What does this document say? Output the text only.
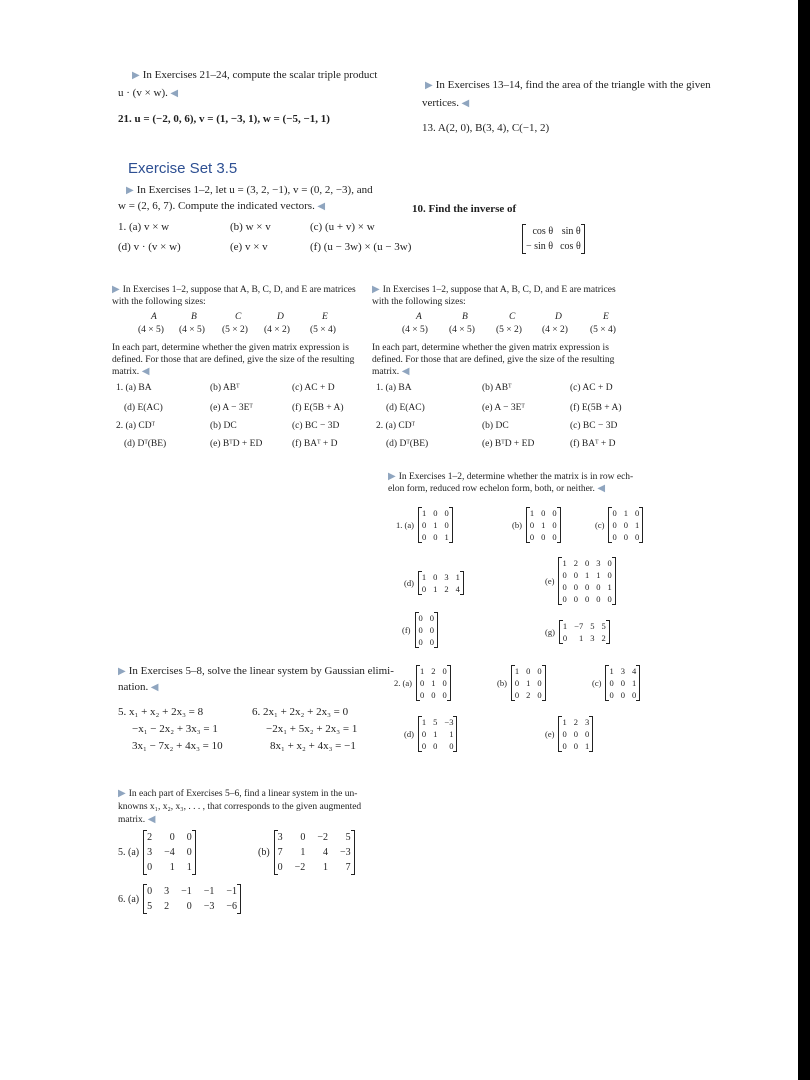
▶ In Exercises 21–24, compute the scalar triple product
u · (v × w). ◀
21. u = (−2, 0, 6), v = (1, −3, 1), w = (−5, −1, 1)
▶ In Exercises 13–14, find the area of the triangle with the given
vertices. ◀
13. A(2, 0), B(3, 4), C(−1, 2)
Exercise Set 3.5
▶ In Exercises 1–2, let u = (3, 2, −1), v = (0, 2, −3), and
w = (2, 6, 7). Compute the indicated vectors. ◀
1. (a) v × w	(b) w × v	(c) (u + v) × w
(d) v · (v × w)	(e) v × v	(f) (u − 3w) × (u − 3w)
10. Find the inverse of
cos θ sin θ
− sin θ cos θ
▶ In Exercises 1–2, suppose that A, B, C, D, and E are matrices
with the following sizes:
A	B	C	D	E
(4 × 5) (4 × 5) (5 × 2) (4 × 2) (5 × 4)
In each part, determine whether the given matrix expression is
defined. For those that are defined, give the size of the resulting
matrix. ◀
1. (a) BA	(b) ABᵀ	(c) AC + D
(d) E(AC)	(e) A − 3Eᵀ	(f) E(5B + A)
2. (a) CDᵀ	(b) DC	(c) BC − 3D
(d) Dᵀ(BE)	(e) BᵀD + ED	(f) BAᵀ + D
▶ In Exercises 1–2, suppose that A, B, C, D, and E are matrices
with the following sizes:
A	B	C	D	E
(4 × 5) (4 × 5) (5 × 2) (4 × 2) (5 × 4)
In each part, determine whether the given matrix expression is
defined. For those that are defined, give the size of the resulting
matrix. ◀
1. (a) BA	(b) ABᵀ	(c) AC + D
(d) E(AC)	(e) A − 3Eᵀ	(f) E(5B + A)
2. (a) CDᵀ	(b) DC	(c) BC − 3D
(d) Dᵀ(BE)	(e) BᵀD + ED	(f) BAᵀ + D
▶ In Exercises 1–2, determine whether the matrix is in row ech-
elon form, reduced row echelon form, both, or neither. ◀
1. (a)
1 0 0
0 1 0
0 0 1
(b)
1 0 0
0 1 0
0 0 0
(c)
0 1 0
0 0 1
0 0 0
(d)
1 0 3 1
0 1 2 4
(e)
1 2 0 3 0
0 0 1 1 0
0 0 0 0 1
0 0 0 0 0
(f)
0 0
0 0
0 0
(g)
1 −7 5 5
0	1 3 2
2. (a)
1 2 0
0 1 0
0 0 0
(b)
1 0 0
0 1 0
0 2 0
(c)
1 3 4
0 0 1
0 0 0
(d)
1 5 −3
0 1	1
0 0	0
(e)
1 2 3
0 0 0
0 0 1
▶ In Exercises 5–8, solve the linear system by Gaussian elimi-
nation. ◀
5. x₁ + x₂ + 2x₃ = 8
−x₁ − 2x₂ + 3x₃ = 1
3x₁ − 7x₂ + 4x₃ = 10
6. 2x₁ + 2x₂ + 2x₃ = 0
−2x₁ + 5x₂ + 2x₃ = 1
8x₁ + x₂ + 4x₃ = −1
▶ In each part of Exercises 5–6, find a linear system in the un-
knowns x₁, x₂, x₃, . . . , that corresponds to the given augmented
matrix. ◀
5. (a)
2	0 0
3 −4 0
0	1 1
(b)
3	0 −2	5
7	1	4 −3
0 −2	1	7
6. (a)
0 3 −1 −1 −1
5 2	0 −3 −6
